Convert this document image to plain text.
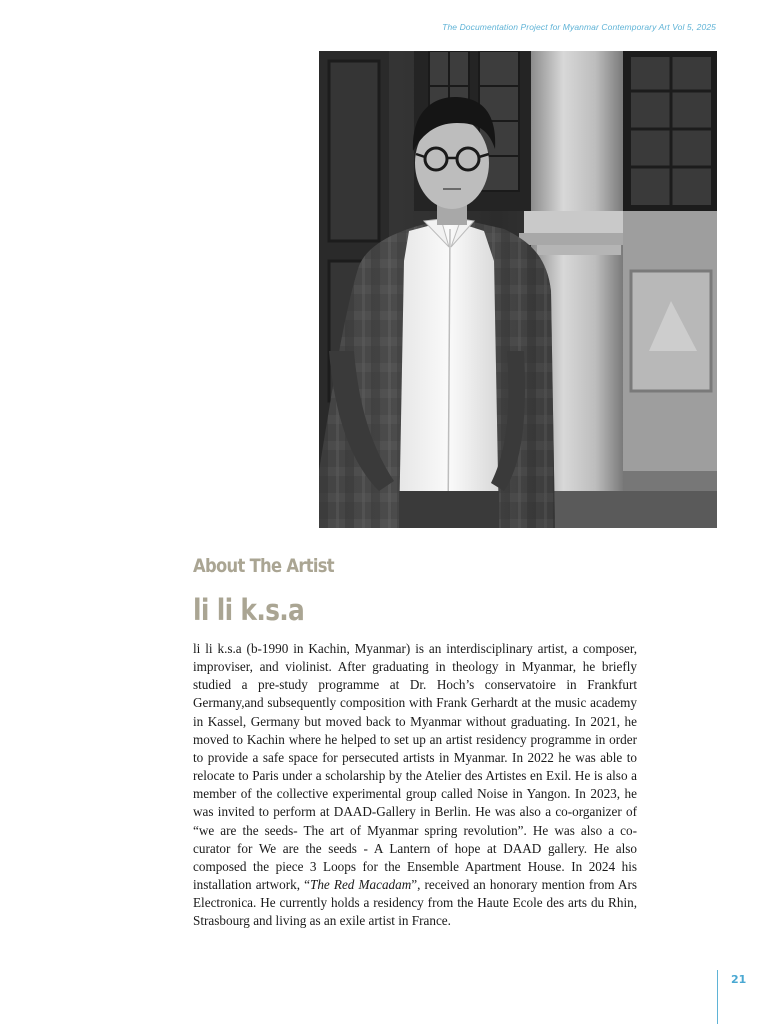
The Documentation Project for Myanmar Contemporary Art Vol 5, 2025
About The Artist
li li k.s.a

li li k.s.a (b-1990 in Kachin, Myanmar) is an interdisciplinary artist, a composer, improviser, and violinist. After graduating in theology in Myanmar, he briefly studied a pre-study programme at Dr. Hoch’s conservatoire in Frankfurt Germany,and subsequently composition with Frank Gerhardt at the music academy in Kassel, Germany but moved back to Myanmar without graduating. In 2021, he moved to Kachin where he helped to set up an artist residency programme in order to provide a safe space for persecuted artists in Myanmar. In 2022 he was able to relocate to Paris under a scholarship by the Atelier des Artistes en Exil. He is also a member of the collective experimental group called Noise in Yangon. In 2023, he was invited to perform at DAAD-Gallery in Berlin. He was also a co-organizer of “we are the seeds- The art of Myanmar spring revolution”. He was also a co- curator for We are the seeds - A Lantern of hope at DAAD gallery. He also composed the piece 3 Loops for the Ensemble Apartment House. In 2024 his installation artwork, “The Red Macadam”, received an honorary mention from Ars Electronica. He currently holds a residency from the Haute Ecole des arts du Rhin, Strasbourg and living as an exile artist in France.

21
